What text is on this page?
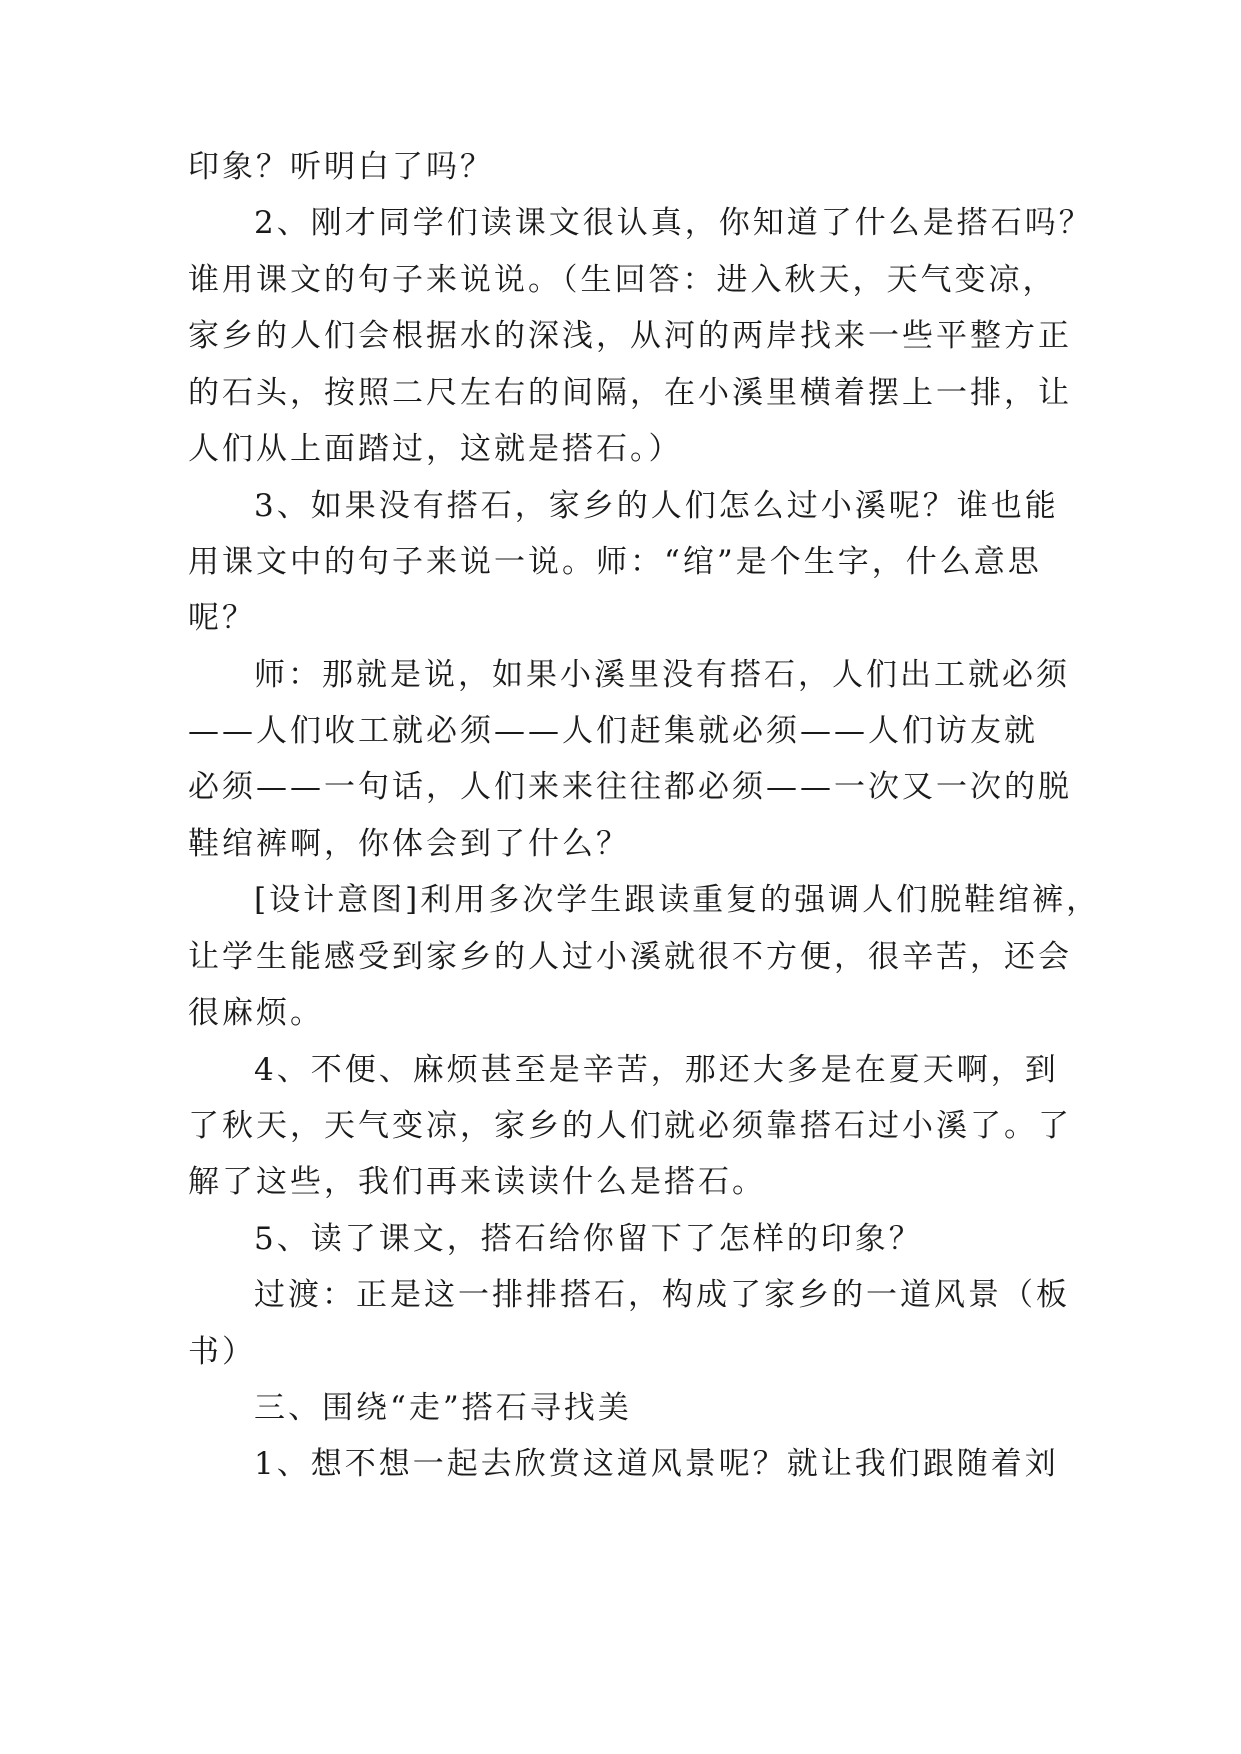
印象？听明白了吗？
2、刚才同学们读课文很认真，你知道了什么是搭石吗？
谁用课文的句子来说说。（生回答：进入秋天，天气变凉，
家乡的人们会根据水的深浅，从河的两岸找来一些平整方正
的石头，按照二尺左右的间隔，在小溪里横着摆上一排，让
人们从上面踏过，这就是搭石。）
3、如果没有搭石，家乡的人们怎么过小溪呢？谁也能
用课文中的句子来说一说。师：“绾”是个生字，什么意思
呢？
师：那就是说，如果小溪里没有搭石，人们出工就必须
——人们收工就必须——人们赶集就必须——人们访友就
必须——一句话，人们来来往往都必须——一次又一次的脱
鞋绾裤啊，你体会到了什么？
[设计意图]利用多次学生跟读重复的强调人们脱鞋绾裤，
让学生能感受到家乡的人过小溪就很不方便，很辛苦，还会
很麻烦。
4、不便、麻烦甚至是辛苦，那还大多是在夏天啊，到
了秋天，天气变凉，家乡的人们就必须靠搭石过小溪了。了
解了这些，我们再来读读什么是搭石。
5、读了课文，搭石给你留下了怎样的印象？
过渡：正是这一排排搭石，构成了家乡的一道风景（板
书）
三、围绕“走”搭石寻找美
1、想不想一起去欣赏这道风景呢？就让我们跟随着刘
